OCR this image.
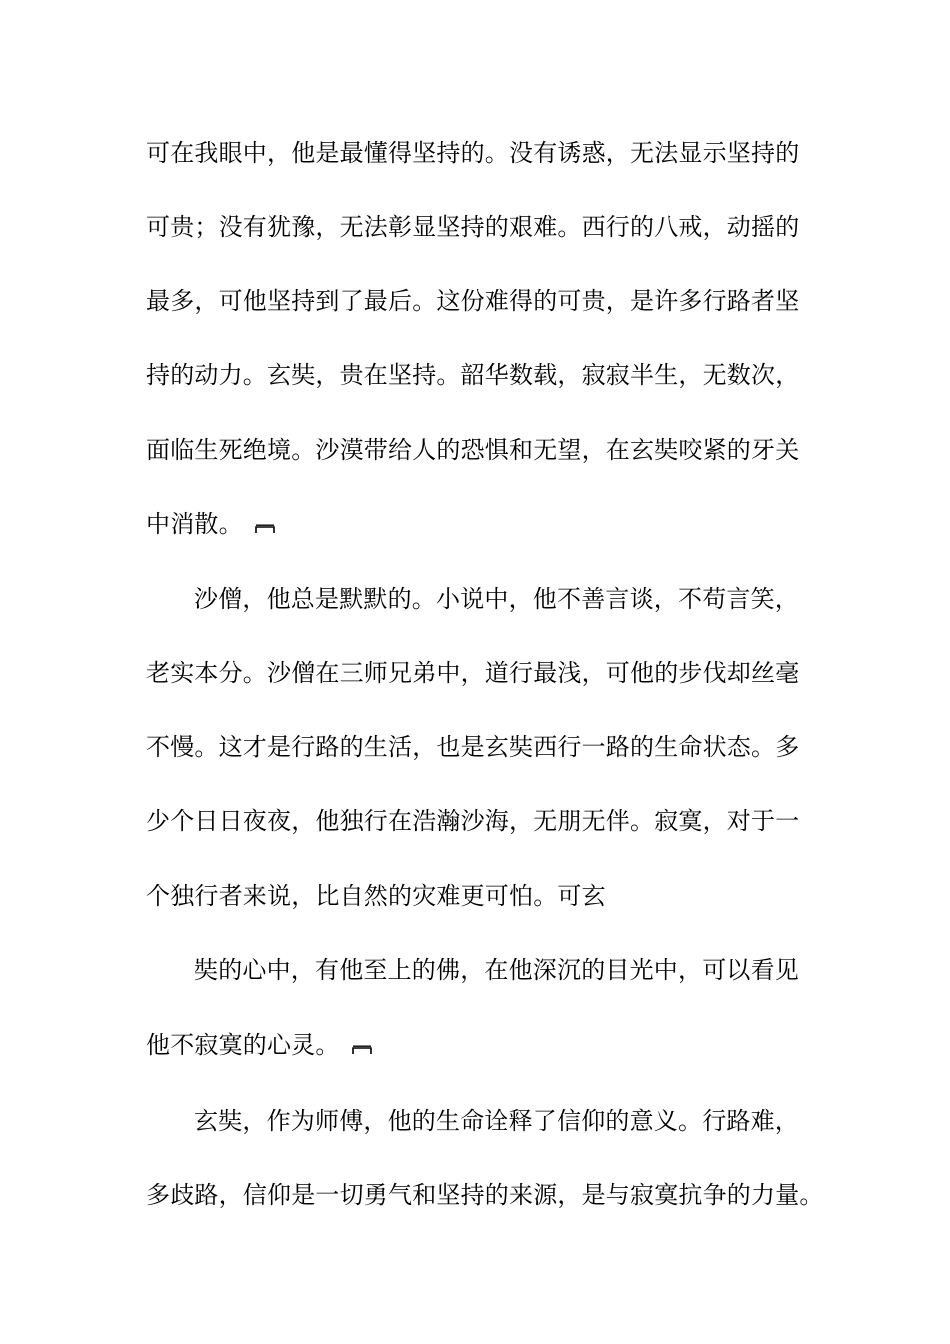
可在我眼中，他是最懂得坚持的。没有诱惑，无法显示坚持的
可贵；没有犹豫，无法彰显坚持的艰难。西行的八戒，动摇的
最多，可他坚持到了最后。这份难得的可贵，是许多行路者坚
持的动力。玄奘，贵在坚持。韶华数载，寂寂半生，无数次，
面临生死绝境。沙漠带给人的恐惧和无望，在玄奘咬紧的牙关
中消散。
沙僧，他总是默默的。小说中，他不善言谈，不苟言笑，
老实本分。沙僧在三师兄弟中，道行最浅，可他的步伐却丝毫
不慢。这才是行路的生活，也是玄奘西行一路的生命状态。多
少个日日夜夜，他独行在浩瀚沙海，无朋无伴。寂寞，对于一
个独行者来说，比自然的灾难更可怕。可玄
奘的心中，有他至上的佛，在他深沉的目光中，可以看见
他不寂寞的心灵。
玄奘，作为师傅，他的生命诠释了信仰的意义。行路难，
多歧路，信仰是一切勇气和坚持的来源，是与寂寞抗争的力量。
